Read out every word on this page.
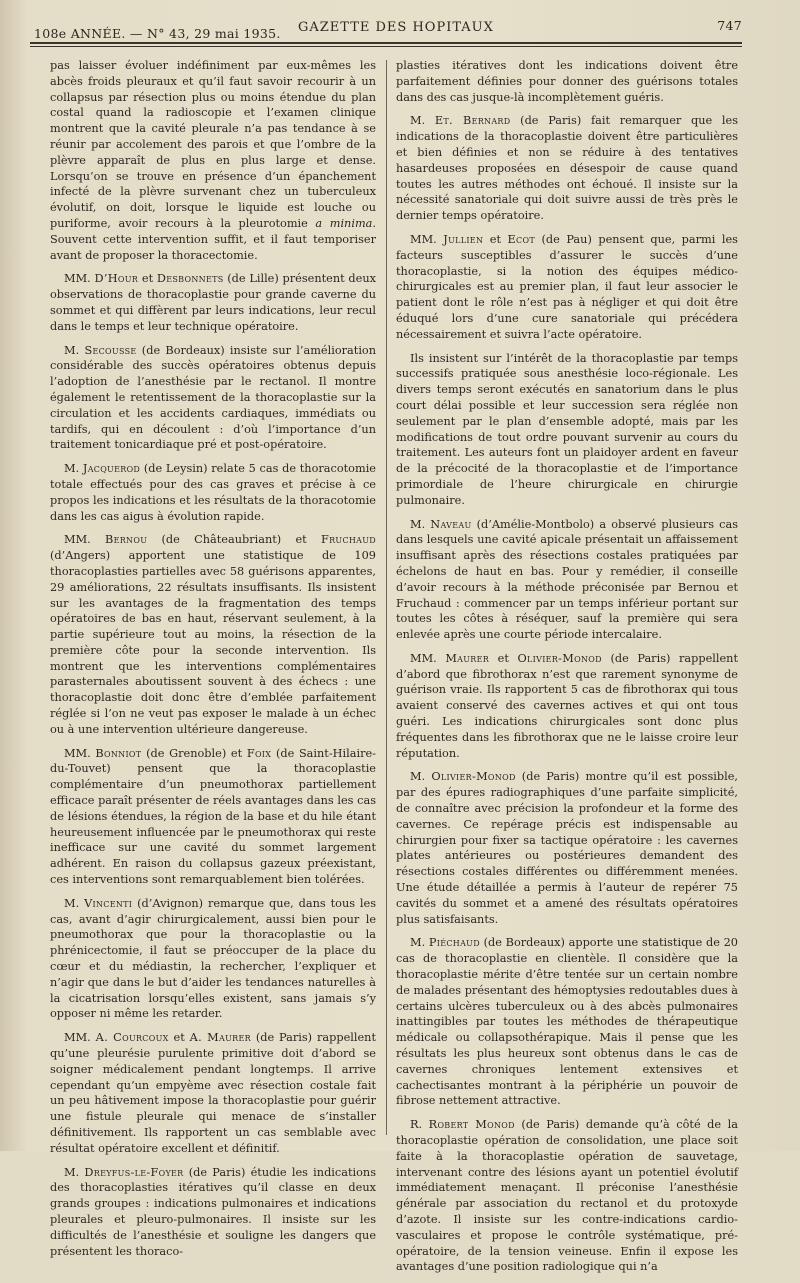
108e ANNÉE. — N° 43, 29 mai 1935. GAZETTE DES HOPITAUX	747

pas laisser évoluer indéfiniment par eux-mêmes les abcès froids pleuraux et qu’il faut savoir recourir à un collapsus par résection plus ou moins étendue du plan costal quand la radioscopie et l’examen clinique montrent que la cavité pleurale n’a pas tendance à se réunir par accolement des parois et que l’ombre de la plèvre apparaît de plus en plus large et dense. Lorsqu’on se trouve en présence d’un épanchement infecté de la plèvre survenant chez un tuberculeux évolutif, on doit, lorsque le liquide est louche ou puriforme, avoir recours à la pleurotomie a minima. Souvent cette intervention suffit, et il faut temporiser avant de proposer la thoracectomie.

MM. D’Hour et Desbonnets (de Lille) présentent deux observations de thoracoplastie pour grande caverne du sommet et qui diffèrent par leurs indications, leur recul dans le temps et leur technique opératoire.

M. Secousse (de Bordeaux) insiste sur l’amélioration considérable des succès opératoires obtenus depuis l’adoption de l’anesthésie par le rectanol. Il montre également le retentissement de la thoracoplastie sur la circulation et les accidents cardiaques, immédiats ou tardifs, qui en découlent : d’où l’importance d’un traitement tonicardiaque pré et post-opératoire.

M. Jacquerod (de Leysin) relate 5 cas de thoracotomie totale effectués pour des cas graves et précise à ce propos les indications et les résultats de la thoracotomie dans les cas aigus à évolution rapide.

MM. Bernou (de Châteaubriant) et Fruchaud (d’Angers) apportent une statistique de 109 thoracoplasties partielles avec 58 guérisons apparentes, 29 améliorations, 22 résultats insuffisants. Ils insistent sur les avantages de la fragmentation des temps opératoires de bas en haut, réservant seulement, à la partie supérieure tout au moins, la résection de la première côte pour la seconde intervention. Ils montrent que les interventions complémentaires parasternales aboutissent souvent à des échecs : une thoracoplastie doit donc être d’emblée parfaitement réglée si l’on ne veut pas exposer le malade à un échec ou à une intervention ultérieure dangereuse.

MM. Bonniot (de Grenoble) et Foix (de Saint-Hilaire-du-Touvet) pensent que la thoracoplastie complémentaire d’un pneumothorax partiellement efficace paraît présenter de réels avantages dans les cas de lésions étendues, la région de la base et du hile étant heureusement influencée par le pneumothorax qui reste inefficace sur une cavité du sommet largement adhérent. En raison du collapsus gazeux préexistant, ces interventions sont remarquablement bien tolérées.

M. Vincenti (d’Avignon) remarque que, dans tous les cas, avant d’agir chirurgicalement, aussi bien pour le pneumothorax que pour la thoracoplastie ou la phrénicectomie, il faut se préoccuper de la place du cœur et du médiastin, la rechercher, l’expliquer et n’agir que dans le but d’aider les tendances naturelles à la cicatrisation lorsqu’elles existent, sans jamais s’y opposer ni même les retarder.

MM. A. Courcoux et A. Maurer (de Paris) rappellent qu’une pleurésie purulente primitive doit d’abord se soigner médicalement pendant longtemps. Il arrive cependant qu’un empyème avec résection costale fait un peu hâtivement impose la thoracoplastie pour guérir une fistule pleurale qui menace de s’installer définitivement. Ils rapportent un cas semblable avec résultat opératoire excellent et définitif.

M. Dreyfus-le-Foyer (de Paris) étudie les indications des thoracoplasties itératives qu’il classe en deux grands groupes : indications pulmonaires et indications pleurales et pleuro-pulmonaires. Il insiste sur les difficultés de l’anesthésie et souligne les dangers que présentent les thoraco-

plasties itératives dont les indications doivent être parfaitement définies pour donner des guérisons totales dans des cas jusque-là incomplètement guéris.

M. Et. Bernard (de Paris) fait remarquer que les indications de la thoracoplastie doivent être particulières et bien définies et non se réduire à des tentatives hasardeuses proposées en désespoir de cause quand toutes les autres méthodes ont échoué. Il insiste sur la nécessité sanatoriale qui doit suivre aussi de très près le dernier temps opératoire.

MM. Jullien et Ecot (de Pau) pensent que, parmi les facteurs susceptibles d’assurer le succès d’une thoracoplastie, si la notion des équipes médico-chirurgicales est au premier plan, il faut leur associer le patient dont le rôle n’est pas à négliger et qui doit être éduqué lors d’une cure sanatoriale qui précédera nécessairement et suivra l’acte opératoire.

Ils insistent sur l’intérêt de la thoracoplastie par temps successifs pratiquée sous anesthésie loco-régionale. Les divers temps seront exécutés en sanatorium dans le plus court délai possible et leur succession sera réglée non seulement par le plan d’ensemble adopté, mais par les modifications de tout ordre pouvant survenir au cours du traitement. Les auteurs font un plaidoyer ardent en faveur de la précocité de la thoracoplastie et de l’importance primordiale de l’heure chirurgicale en chirurgie pulmonaire.

M. Naveau (d’Amélie-Montbolo) a observé plusieurs cas dans lesquels une cavité apicale présentait un affaissement insuffisant après des résections costales pratiquées par échelons de haut en bas. Pour y remédier, il conseille d’avoir recours à la méthode préconisée par Bernou et Fruchaud : commencer par un temps inférieur portant sur toutes les côtes à réséquer, sauf la première qui sera enlevée après une courte période intercalaire.

MM. Maurer et Olivier-Monod (de Paris) rappellent d’abord que fibrothorax n’est que rarement synonyme de guérison vraie. Ils rapportent 5 cas de fibrothorax qui tous avaient conservé des cavernes actives et qui ont tous guéri. Les indications chirurgicales sont donc plus fréquentes dans les fibrothorax que ne le laisse croire leur réputation.

M. Olivier-Monod (de Paris) montre qu’il est possible, par des épures radiographiques d’une parfaite simplicité, de connaître avec précision la profondeur et la forme des cavernes. Ce repérage précis est indispensable au chirurgien pour fixer sa tactique opératoire : les cavernes plates antérieures ou postérieures demandent des résections costales différentes ou différemment menées. Une étude détaillée a permis à l’auteur de repérer 75 cavités du sommet et a amené des résultats opératoires plus satisfaisants.

M. Piéchaud (de Bordeaux) apporte une statistique de 20 cas de thoracoplastie en clientèle. Il considère que la thoracoplastie mérite d’être tentée sur un certain nombre de malades présentant des hémoptysies redoutables dues à certains ulcères tuberculeux ou à des abcès pulmonaires inattingibles par toutes les méthodes de thérapeutique médicale ou collapsothérapique. Mais il pense que les résultats les plus heureux sont obtenus dans le cas de cavernes chroniques lentement extensives et cachectisantes montrant à la périphérie un pouvoir de fibrose nettement attractive.

R. Robert Monod (de Paris) demande qu’à côté de la thoracoplastie opération de consolidation, une place soit faite à la thoracoplastie opération de sauvetage, intervenant contre des lésions ayant un potentiel évolutif immédiatement menaçant. Il préconise l’anesthésie générale par association du rectanol et du protoxyde d’azote. Il insiste sur les contre-indications cardio-vasculaires et propose le contrôle systématique, pré-opératoire, de la tension veineuse. Enfin il expose les avantages d’une position radiologique qui n’a
